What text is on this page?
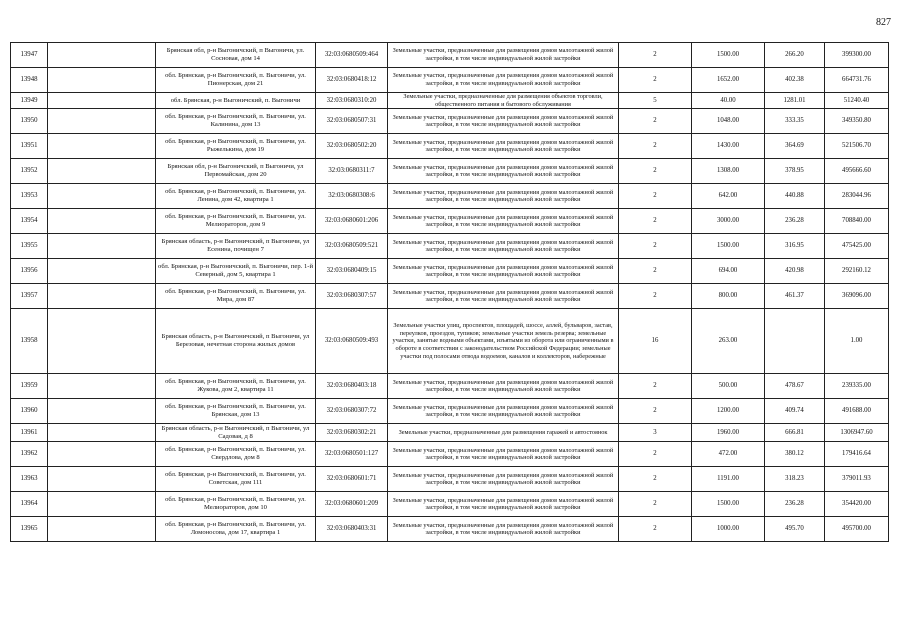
827
13947		Брянская обл, р-н Выгоничский, п Выгоничи, ул. Сосновая, дом 14	32:03:0680509:464	Земельные участки, предназначенные для размещения домов малоэтажной жилой застройки, в том числе индивидуальной жилой застройки	2	1500.00	266.20	399300.00
13948		обл. Брянская, р-н Выгоничский, п. Выгоничи, ул. Пионерская, дом 21	32:03:0680418:12	Земельные участки, предназначенные для размещения домов малоэтажной жилой застройки, в том числе индивидуальной жилой застройки	2	1652.00	402.38	664731.76
13949		обл. Брянская, р-н Выгоничский, п. Выгоничи	32:03:0680310:20	Земельные участки, предназначенные для размещения объектов торговли, общественного питания и бытового обслуживания	5	40.00	1281.01	51240.40
13950		обл. Брянская, р-н Выгоничский, п. Выгоничи, ул. Калинина, дом 13	32:03:0680507:31	Земельные участки, предназначенные для размещения домов малоэтажной жилой застройки, в том числе индивидуальной жилой застройки	2	1048.00	333.35	349350.80
13951		обл. Брянская, р-н Выгоничский, п. Выгоничи, ул. Рыжелькина, дом 19	32:03:0680502:20	Земельные участки, предназначенные для размещения домов малоэтажной жилой застройки, в том числе индивидуальной жилой застройки	2	1430.00	364.69	521506.70
13952		Брянская обл, р-н Выгоничский, п Выгоничи, ул Первомайская, дом 20	32:03:0680311:7	Земельные участки, предназначенные для размещения домов малоэтажной жилой застройки, в том числе индивидуальной жилой застройки	2	1308.00	378.95	495666.60
13953		обл. Брянская, р-н Выгоничский, п. Выгоничи, ул. Ленина, дом 42, квартира 1	32:03:0680308:6	Земельные участки, предназначенные для размещения домов малоэтажной жилой застройки, в том числе индивидуальной жилой застройки	2	642.00	440.88	283044.96
13954		обл. Брянская, р-н Выгоничский, п. Выгоничи, ул. Мелиораторов, дом 9	32:03:0680601:206	Земельные участки, предназначенные для размещения домов малоэтажной жилой застройки, в том числе индивидуальной жилой застройки	2	3000.00	236.28	708840.00
13955		Брянская область, р-н Выгоничский, п Выгоничи, ул Есенина, почищен 7	32:03:0680509:521	Земельные участки, предназначенные для размещения домов малоэтажной жилой застройки, в том числе индивидуальной жилой застройки	2	1500.00	316.95	475425.00
13956		обл. Брянская, р-н Выгоничский, п. Выгоничи, пер. 1-й Северный, дом 5, квартира 1	32:03:0680409:15	Земельные участки, предназначенные для размещения домов малоэтажной жилой застройки, в том числе индивидуальной жилой застройки	2	694.00	420.98	292160.12
13957		обл. Брянская, р-н Выгоничский, п. Выгоничи, ул. Мира, дом 87	32:03:0680307:57	Земельные участки, предназначенные для размещения домов малоэтажной жилой застройки, в том числе индивидуальной жилой застройки	2	800.00	461.37	369096.00
13958		Брянская область, р-н Выгоничский, п Выгоничи, ул Березовая, нечетная сторона жилых домов	32:03:0680509:493	Земельные участки улиц, проспектов, площадей, шоссе, аллей, бульваров, застав, переулков, проездов, тупиков; земельные участки земель резерва; земельные участки, занятые водными объектами, изъятыми из оборота или ограниченными в обороте в соответствии с законодательством Российской Федерации; земельные участки под полосами отвода водоемов, каналов и коллекторов, набережные	16	263.00		1.00
13959		обл. Брянская, р-н Выгоничский, п. Выгоничи, ул. Жукова, дом 2, квартира 11	32:03:0680403:18	Земельные участки, предназначенные для размещения домов малоэтажной жилой застройки, в том числе индивидуальной жилой застройки	2	500.00	478.67	239335.00
13960		обл. Брянская, р-н Выгоничский, п. Выгоничи, ул. Брянская, дом 13	32:03:0680307:72	Земельные участки, предназначенные для размещения домов малоэтажной жилой застройки, в том числе индивидуальной жилой застройки	2	1200.00	409.74	491688.00
13961		Брянская область, р-н Выгоничский, п Выгоничи, ул Садовая, д 8	32:03:0680302:21	Земельные участки, предназначенные для размещения гаражей и автостоянок	3	1960.00	666.81	1306947.60
13962		обл. Брянская, р-н Выгоничский, п. Выгоничи, ул. Свердлова, дом 8	32:03:0680501:127	Земельные участки, предназначенные для размещения домов малоэтажной жилой застройки, в том числе индивидуальной жилой застройки	2	472.00	380.12	179416.64
13963		обл. Брянская, р-н Выгоничский, п. Выгоничи, ул. Советская, дом 111	32:03:0680601:71	Земельные участки, предназначенные для размещения домов малоэтажной жилой застройки, в том числе индивидуальной жилой застройки	2	1191.00	318.23	379011.93
13964		обл. Брянская, р-н Выгоничский, п. Выгоничи, ул. Мелиораторов, дом 10	32:03:0680601:209	Земельные участки, предназначенные для размещения домов малоэтажной жилой застройки, в том числе индивидуальной жилой застройки	2	1500.00	236.28	354420.00
13965		обл. Брянская, р-н Выгоничский, п. Выгоничи, ул. Ломоносова, дом 17, квартира 1	32:03:0680403:31	Земельные участки, предназначенные для размещения домов малоэтажной жилой застройки, в том числе индивидуальной жилой застройки	2	1000.00	495.70	495700.00
